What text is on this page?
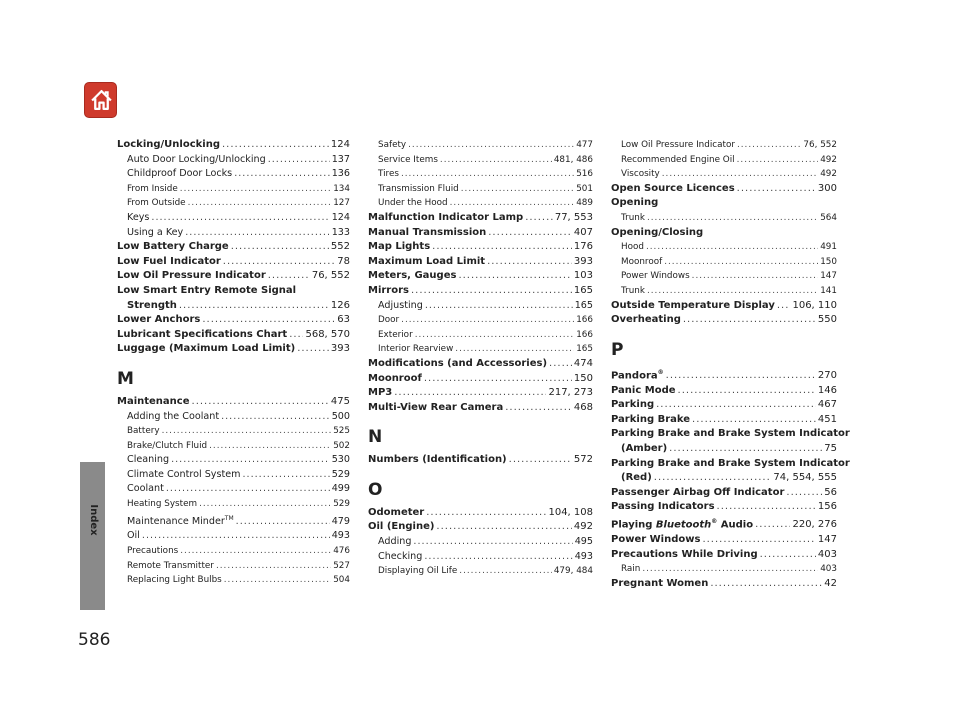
Index
586
Locking/Unlocking .....	124
Auto Door Locking/Unlocking .....	137
Childproof Door Locks .....	136
From Inside .....	134
From Outside .....	127
Keys .....	124
Using a Key .....	133
Low Battery Charge .....	552
Low Fuel Indicator .....	78
Low Oil Pressure Indicator .....	76, 552
Low Smart Entry Remote Signal
Strength .....	126
Lower Anchors .....	63
Lubricant Specifications Chart ..... 568, 570
Luggage (Maximum Load Limit) .....	393
M
Maintenance .....	475
Adding the Coolant .....	500
Battery .....	525
Brake/Clutch Fluid .....	502
Cleaning .....	530
Climate Control System .....	529
Coolant .....	499
Heating System .....	529
Maintenance Minder™ .....	479
Oil .....	493
Precautions .....	476
Remote Transmitter .....	527
Replacing Light Bulbs .....	504
Safety .....	477
Service Items .....	481, 486
Tires .....	516
Transmission Fluid .....	501
Under the Hood .....	489
Malfunction Indicator Lamp .....	77, 553
Manual Transmission .....	407
Map Lights .....	176
Maximum Load Limit .....	393
Meters, Gauges .....	103
Mirrors .....	165
Adjusting .....	165
Door .....	166
Exterior .....	166
Interior Rearview .....	165
Modifications (and Accessories) .....	474
Moonroof .....	150
MP3 .....	217, 273
Multi-View Rear Camera .....	468
N
Numbers (Identification) .....	572
O
Odometer .....	104, 108
Oil (Engine) .....	492
Adding .....	495
Checking .....	493
Displaying Oil Life .....	479, 484
Low Oil Pressure Indicator .....	76, 552
Recommended Engine Oil .....	492
Viscosity .....	492
Open Source Licences .....	300
Opening
Trunk .....	564
Opening/Closing
Hood .....	491
Moonroof .....	150
Power Windows .....	147
Trunk .....	141
Outside Temperature Display ..... 106, 110
Overheating .....	550
P
Pandora® .....	270
Panic Mode .....	146
Parking .....	467
Parking Brake .....	451
Parking Brake and Brake System Indicator
(Amber) .....	75
Parking Brake and Brake System Indicator
(Red) .....	74, 554, 555
Passenger Airbag Off Indicator .....	56
Passing Indicators .....	156
Playing Bluetooth® Audio .....	220, 276
Power Windows .....	147
Precautions While Driving .....	403
Rain .....	403
Pregnant Women .....	42
